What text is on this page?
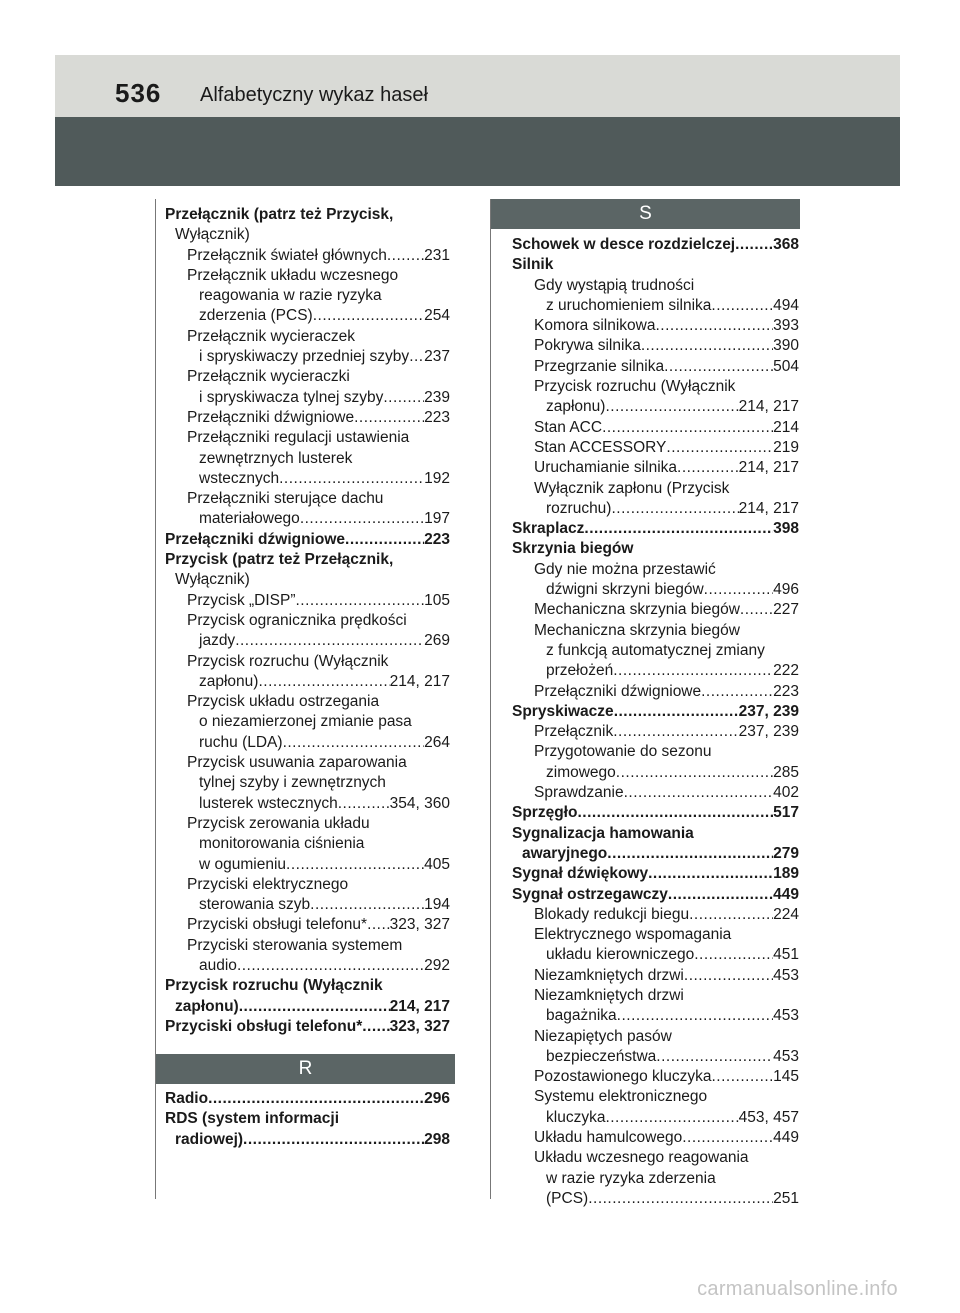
536 Alfabetyczny wykaz haseł
Przełącznik (patrz też Przycisk,
Wyłącznik)
Przełącznik świateł głównych ..... 231
Przełącznik układu wczesnego
reagowania w razie ryzyka
zderzenia (PCS) .....	254
Przełącznik wycieraczek
i spryskiwaczy przedniej szyby ..... 237
Przełącznik wycieraczki
i spryskiwacza tylnej szyby .....	239
Przełączniki dźwigniowe .....	223
Przełączniki regulacji ustawienia
zewnętrznych lusterek
wstecznych .....	192
Przełączniki sterujące dachu
materiałowego .....	197
Przełączniki dźwigniowe .....	223
Przycisk (patrz też Przełącznik,
Wyłącznik)
Przycisk „DISP” .....	105
Przycisk ogranicznika prędkości
jazdy .....	269
Przycisk rozruchu (Wyłącznik
zapłonu) .....	214, 217
Przycisk układu ostrzegania
o niezamierzonej zmianie pasa
ruchu (LDA) .....	264
Przycisk usuwania zaparowania
tylnej szyby i zewnętrznych
lusterek wstecznych .....	354, 360
Przycisk zerowania układu
monitorowania ciśnienia
w ogumieniu .....	405
Przyciski elektrycznego
sterowania szyb .....	194
Przyciski obsługi telefonu* ..... 323, 327
Przyciski sterowania systemem
audio .....	292
Przycisk rozruchu (Wyłącznik
zapłonu) .....	214, 217
Przyciski obsługi telefonu* ..... 323, 327
R
Radio .....	296
RDS (system informacji
radiowej) .....	298
S
Schowek w desce rozdzielczej ..... 368
Silnik
Gdy wystąpią trudności
z uruchomieniem silnika .....	494
Komora silnikowa .....	393
Pokrywa silnika .....	390
Przegrzanie silnika .....	504
Przycisk rozruchu (Wyłącznik
zapłonu) .....	214, 217
Stan ACC .....	214
Stan ACCESSORY .....	219
Uruchamianie silnika .....	214, 217
Wyłącznik zapłonu (Przycisk
rozruchu) .....	214, 217
Skraplacz .....	398
Skrzynia biegów
Gdy nie można przestawić
dźwigni skrzyni biegów .....	496
Mechaniczna skrzynia biegów ..... 227
Mechaniczna skrzynia biegów
z funkcją automatycznej zmiany
przełożeń .....	222
Przełączniki dźwigniowe .....	223
Spryskiwacze .....	237, 239
Przełącznik .....	237, 239
Przygotowanie do sezonu
zimowego .....	285
Sprawdzanie .....	402
Sprzęgło .....	517
Sygnalizacja hamowania
awaryjnego .....	279
Sygnał dźwiękowy .....	189
Sygnał ostrzegawczy .....	449
Blokady redukcji biegu .....	224
Elektrycznego wspomagania
układu kierowniczego .....	451
Niezamkniętych drzwi .....	453
Niezamkniętych drzwi
bagażnika .....	453
Niezapiętych pasów
bezpieczeństwa .....	453
Pozostawionego kluczyka .....	145
Systemu elektronicznego
kluczyka .....	453, 457
Układu hamulcowego .....	449
Układu wczesnego reagowania
w razie ryzyka zderzenia
(PCS) .....	251
carmanualsonline.info
